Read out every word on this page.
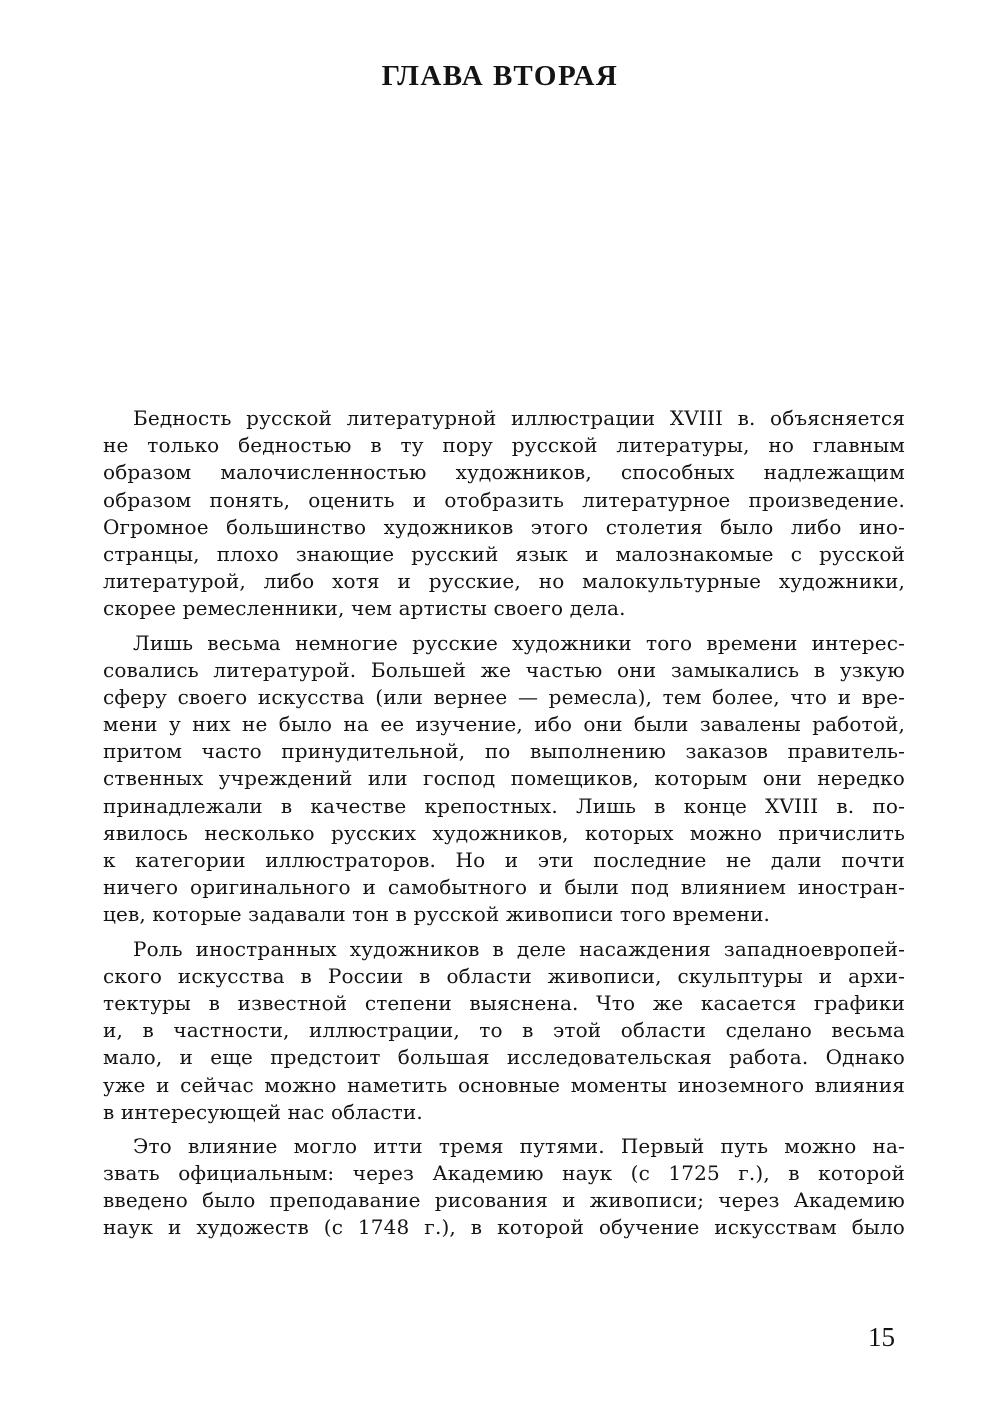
ГЛАВА ВТОРАЯ

Бедность русской литературной иллюстрации XVIII в. объясняется
не только бедностью в ту пору русской литературы, но главным
образом малочисленностью художников, способных надлежащим
образом понять, оценить и отобразить литературное произведение.
Огромное большинство художников этого столетия было либо ино-
странцы, плохо знающие русский язык и малознакомые с русской
литературой, либо хотя и русские, но малокультурные художники,
скорее ремесленники, чем артисты своего дела.

Лишь весьма немногие русские художники того времени интерес-
совались литературой. Большей же частью они замыкались в узкую
сферу своего искусства (или вернее — ремесла), тем более, что и вре-
мени у них не было на ее изучение, ибо они были завалены работой,
притом часто принудительной, по выполнению заказов правитель-
ственных учреждений или господ помещиков, которым они нередко
принадлежали в качестве крепостных. Лишь в конце XVIII в. по-
явилось несколько русских художников, которых можно причислить
к категории иллюстраторов. Но и эти последние не дали почти
ничего оригинального и самобытного и были под влиянием иностран-
цев, которые задавали тон в русской живописи того времени.

Роль иностранных художников в деле насаждения западноевропей-
ского искусства в России в области живописи, скульптуры и архи-
тектуры в известной степени выяснена. Что же касается графики
и, в частности, иллюстрации, то в этой области сделано весьма
мало, и еще предстоит большая исследовательская работа. Однако
уже и сейчас можно наметить основные моменты иноземного влияния
в интересующей нас области.

Это влияние могло итти тремя путями. Первый путь можно на-
звать официальным: через Академию наук (с 1725 г.), в которой
введено было преподавание рисования и живописи; через Академию
наук и художеств (с 1748 г.), в которой обучение искусствам было

15
